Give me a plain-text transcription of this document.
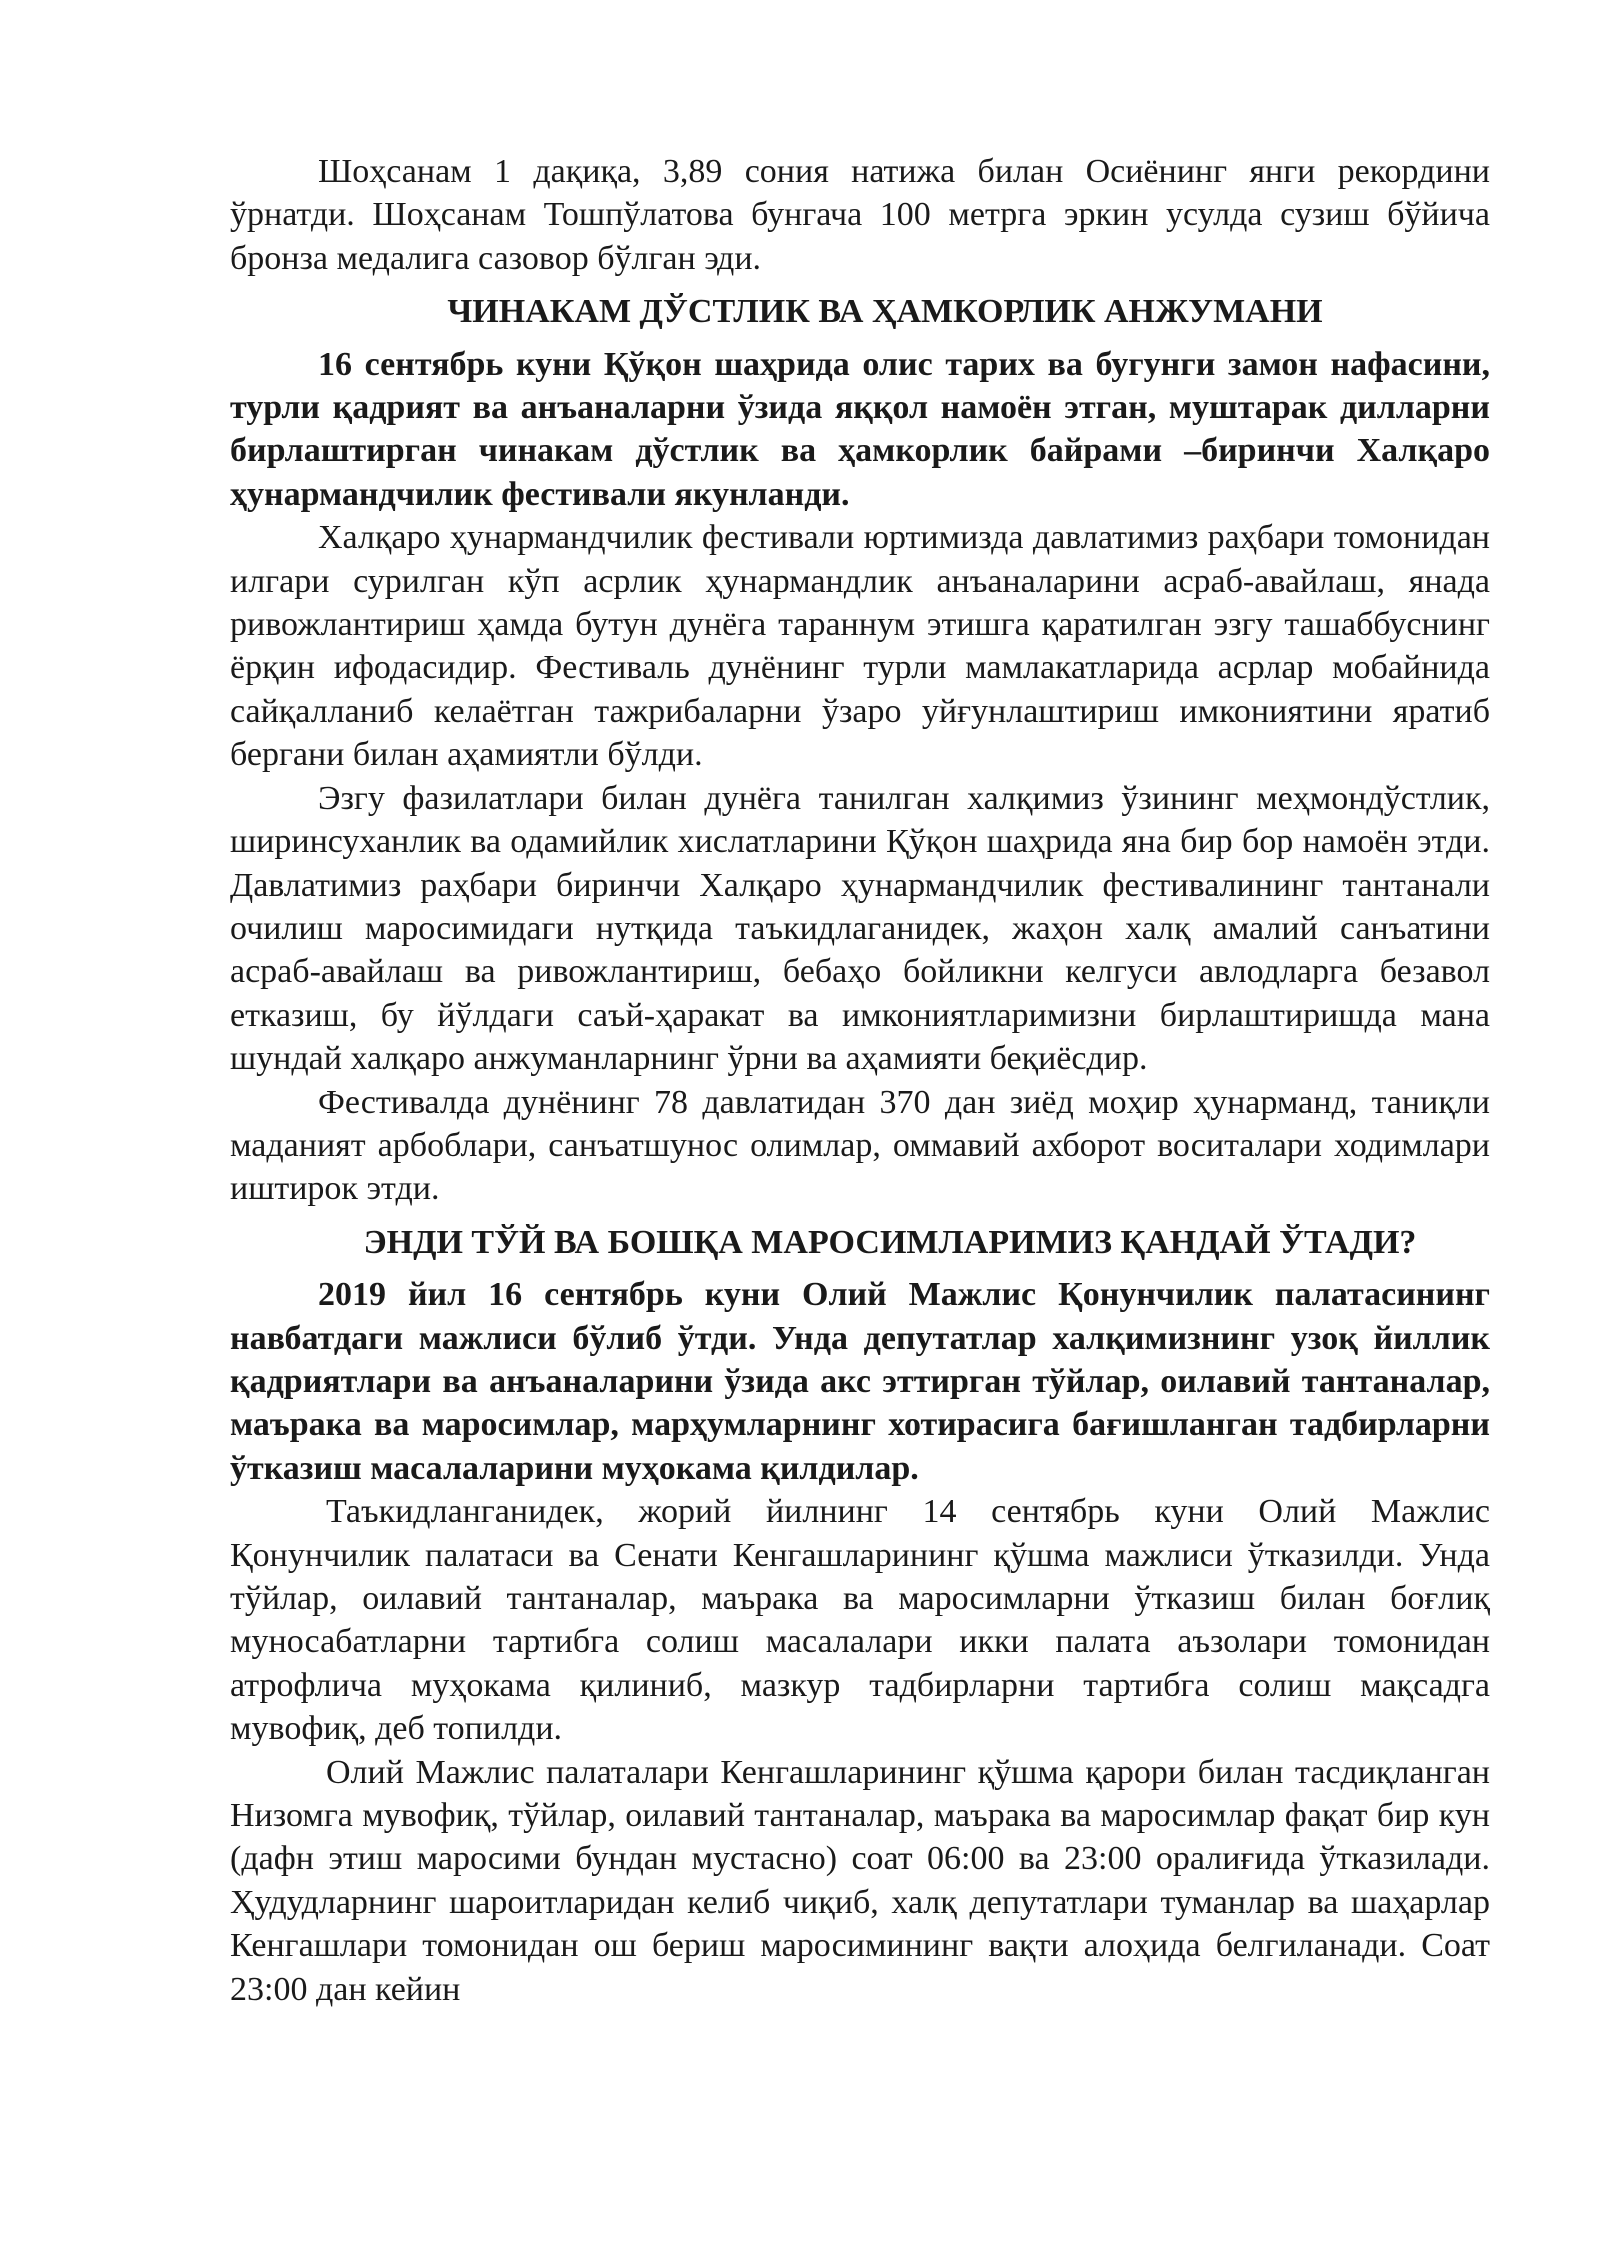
Шоҳсанам 1 дақиқа, 3,89 сония натижа билан Осиёнинг янги рекордини ўрнатди. Шоҳсанам Тошпўлатова бунгача 100 метрга эркин усулда сузиш бўйича бронза медалига сазовор бўлган эди.

ЧИНАКАМ ДЎСТЛИК ВА ҲАМКОРЛИК АНЖУМАНИ

16 сентябрь куни Қўқон шаҳрида олис тарих ва бугунги замон нафасини, турли қадрият ва анъаналарни ўзида яққол намоён этган, муштарак дилларни бирлаштирган чинакам дўстлик ва ҳамкорлик байрами –биринчи Халқаро ҳунармандчилик фестивали якунланди.

Халқаро ҳунармандчилик фестивали юртимизда давлатимиз раҳбари томонидан илгари сурилган кўп асрлик ҳунармандлик анъаналарини асраб-авайлаш, янада ривожлантириш ҳамда бутун дунёга тараннум этишга қаратилган эзгу ташаббуснинг ёрқин ифодасидир. Фестиваль дунёнинг турли мамлакатларида асрлар мобайнида сайқалланиб келаётган тажрибаларни ўзаро уйғунлаштириш имкониятини яратиб бергани билан аҳамиятли бўлди.

Эзгу фазилатлари билан дунёга танилган халқимиз ўзининг меҳмондўстлик, ширинсуханлик ва одамийлик хислатларини Қўқон шаҳрида яна бир бор намоён этди. Давлатимиз раҳбари биринчи Халқаро ҳунармандчилик фестивалининг тантанали очилиш маросимидаги нутқида таъкидлаганидек, жаҳон халқ амалий санъатини асраб-авайлаш ва ривожлантириш, бебаҳо бойликни келгуси авлодларга безавол етказиш, бу йўлдаги саъй-ҳаракат ва имкониятларимизни бирлаштиришда мана шундай халқаро анжуманларнинг ўрни ва аҳамияти беқиёсдир.

Фестивалда дунёнинг 78 давлатидан 370 дан зиёд моҳир ҳунарманд, таниқли маданият арбоблари, санъатшунос олимлар, оммавий ахборот воситалари ходимлари иштирок этди.

ЭНДИ ТЎЙ ВА БОШҚА МАРОСИМЛАРИМИЗ ҚАНДАЙ ЎТАДИ?

2019 йил 16 сентябрь куни Олий Мажлис Қонунчилик палатасининг навбатдаги мажлиси бўлиб ўтди. Унда депутатлар халқимизнинг узоқ йиллик қадриятлари ва анъаналарини ўзида акс эттирган тўйлар, оилавий тантаналар, маърака ва маросимлар, марҳумларнинг хотирасига бағишланган тадбирларни ўтказиш масалаларини муҳокама қилдилар.

Таъкидланганидек, жорий йилнинг 14 сентябрь куни Олий Мажлис Қонунчилик палатаси ва Сенати Кенгашларининг қўшма мажлиси ўтказилди. Унда тўйлар, оилавий тантаналар, маърака ва маросимларни ўтказиш билан боғлиқ муносабатларни тартибга солиш масалалари икки палата аъзолари томонидан атрофлича муҳокама қилиниб, мазкур тадбирларни тартибга солиш мақсадга мувофиқ, деб топилди.

Олий Мажлис палаталари Кенгашларининг қўшма қарори билан тасдиқланган Низомга мувофиқ, тўйлар, оилавий тантаналар, маърака ва маросимлар фақат бир кун (дафн этиш маросими бундан мустасно) соат 06:00 ва 23:00 оралиғида ўтказилади. Ҳудудларнинг шароитларидан келиб чиқиб, халқ депутатлари туманлар ва шаҳарлар Кенгашлари томонидан ош бериш маросимининг вақти алоҳида белгиланади. Соат 23:00 дан кейин
